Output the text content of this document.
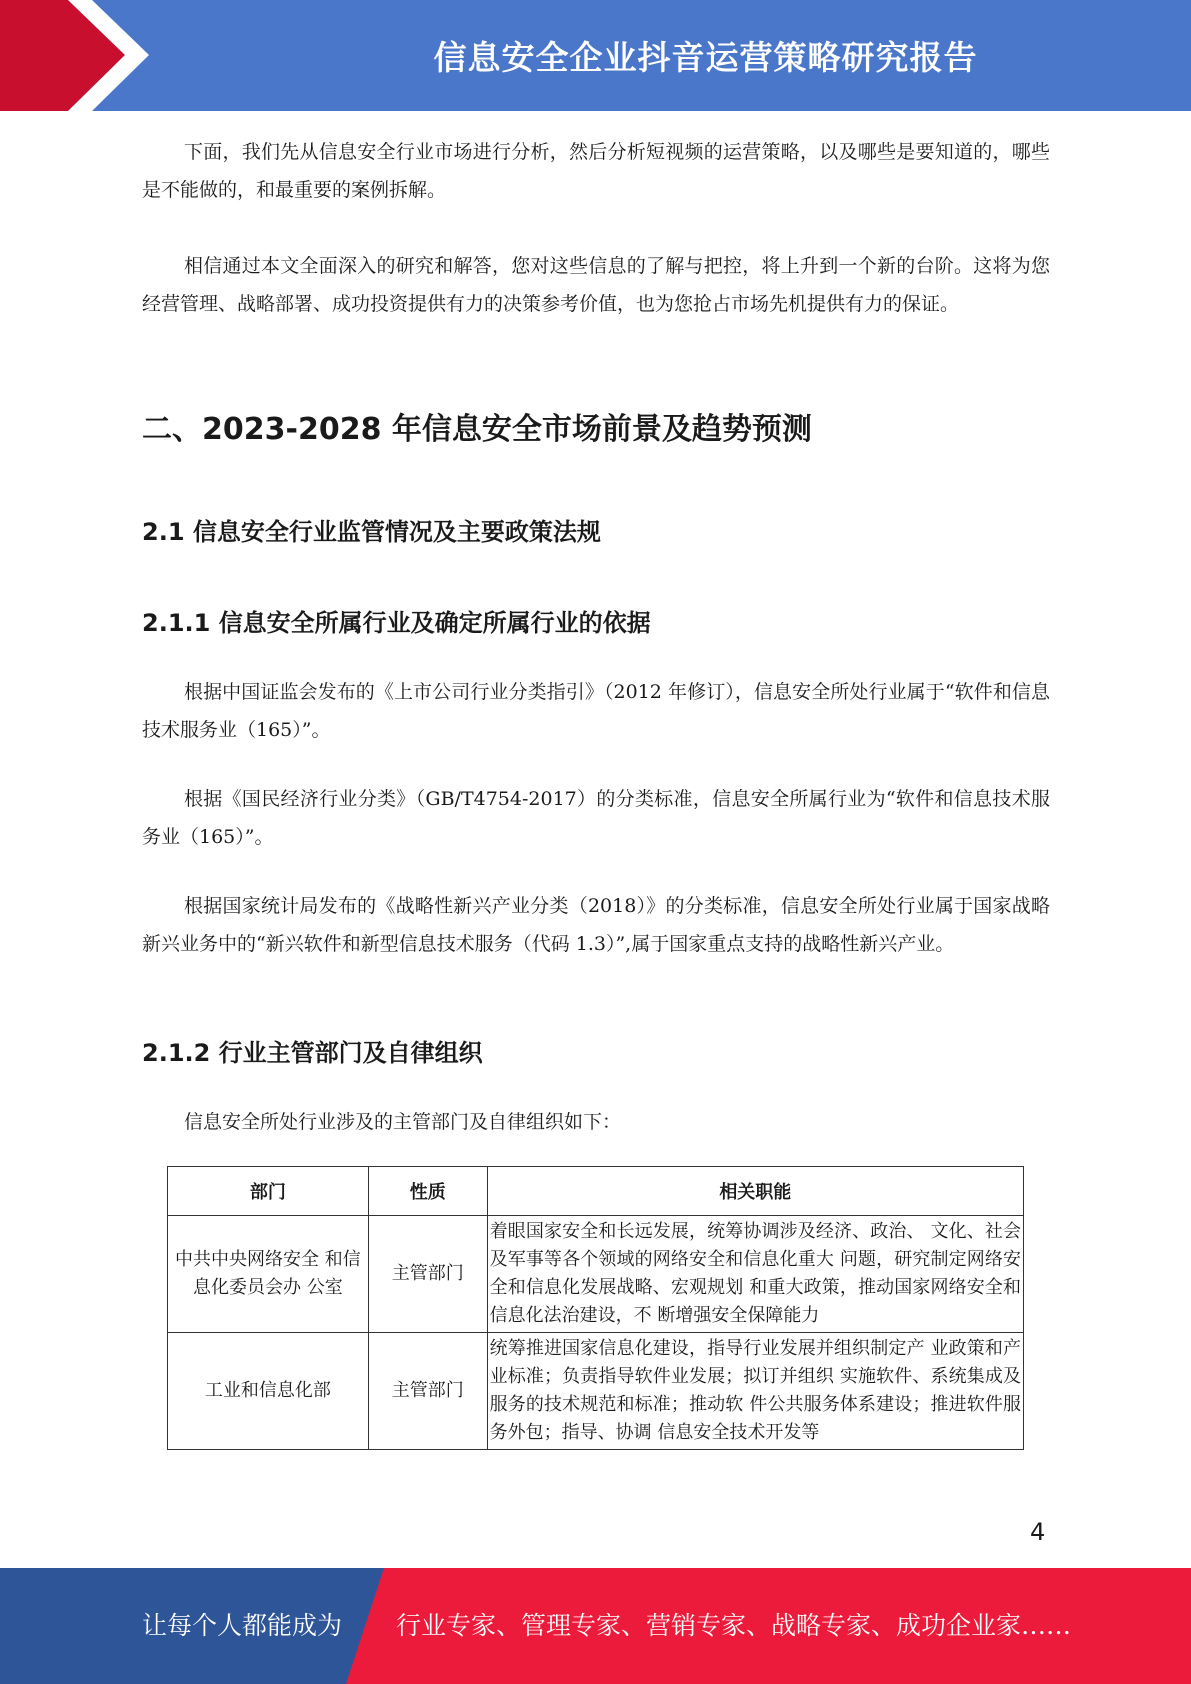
信息安全企业抖音运营策略研究报告

下面，我们先从信息安全行业市场进行分析，然后分析短视频的运营策略，以及哪些是要知道的，哪些是不能做的，和最重要的案例拆解。

相信通过本文全面深入的研究和解答，您对这些信息的了解与把控，将上升到一个新的台阶。这将为您经营管理、战略部署、成功投资提供有力的决策参考价值，也为您抢占市场先机提供有力的保证。

二、2023-2028 年信息安全市场前景及趋势预测
2.1 信息安全行业监管情况及主要政策法规
2.1.1 信息安全所属行业及确定所属行业的依据

根据中国证监会发布的《上市公司行业分类指引》（2012 年修订），信息安全所处行业属于“软件和信息技术服务业（165）”。

根据《国民经济行业分类》（GB/T4754-2017）的分类标准，信息安全所属行业为“软件和信息技术服务业（165）”。

根据国家统计局发布的《战略性新兴产业分类（2018）》的分类标准，信息安全所处行业属于国家战略新兴业务中的“新兴软件和新型信息技术服务（代码 1.3）”,属于国家重点支持的战略性新兴产业。

2.1.2 行业主管部门及自律组织

信息安全所处行业涉及的主管部门及自律组织如下：

部门	性质	相关职能
中共中央网络安全 和信息化委员会办 公室	主管部门	着眼国家安全和长远发展，统筹协调涉及经济、政治、 文化、社会及军事等各个领域的网络安全和信息化重大 问题，研究制定网络安全和信息化发展战略、宏观规划 和重大政策，推动国家网络安全和信息化法治建设，不 断增强安全保障能力
工业和信息化部	主管部门	统筹推进国家信息化建设，指导行业发展并组织制定产 业政策和产业标准；负责指导软件业发展；拟订并组织 实施软件、系统集成及服务的技术规范和标准；推动软 件公共服务体系建设；推进软件服务外包；指导、协调 信息安全技术开发等
4
让每个人都能成为 行业专家、管理专家、营销专家、战略专家、成功企业家……
